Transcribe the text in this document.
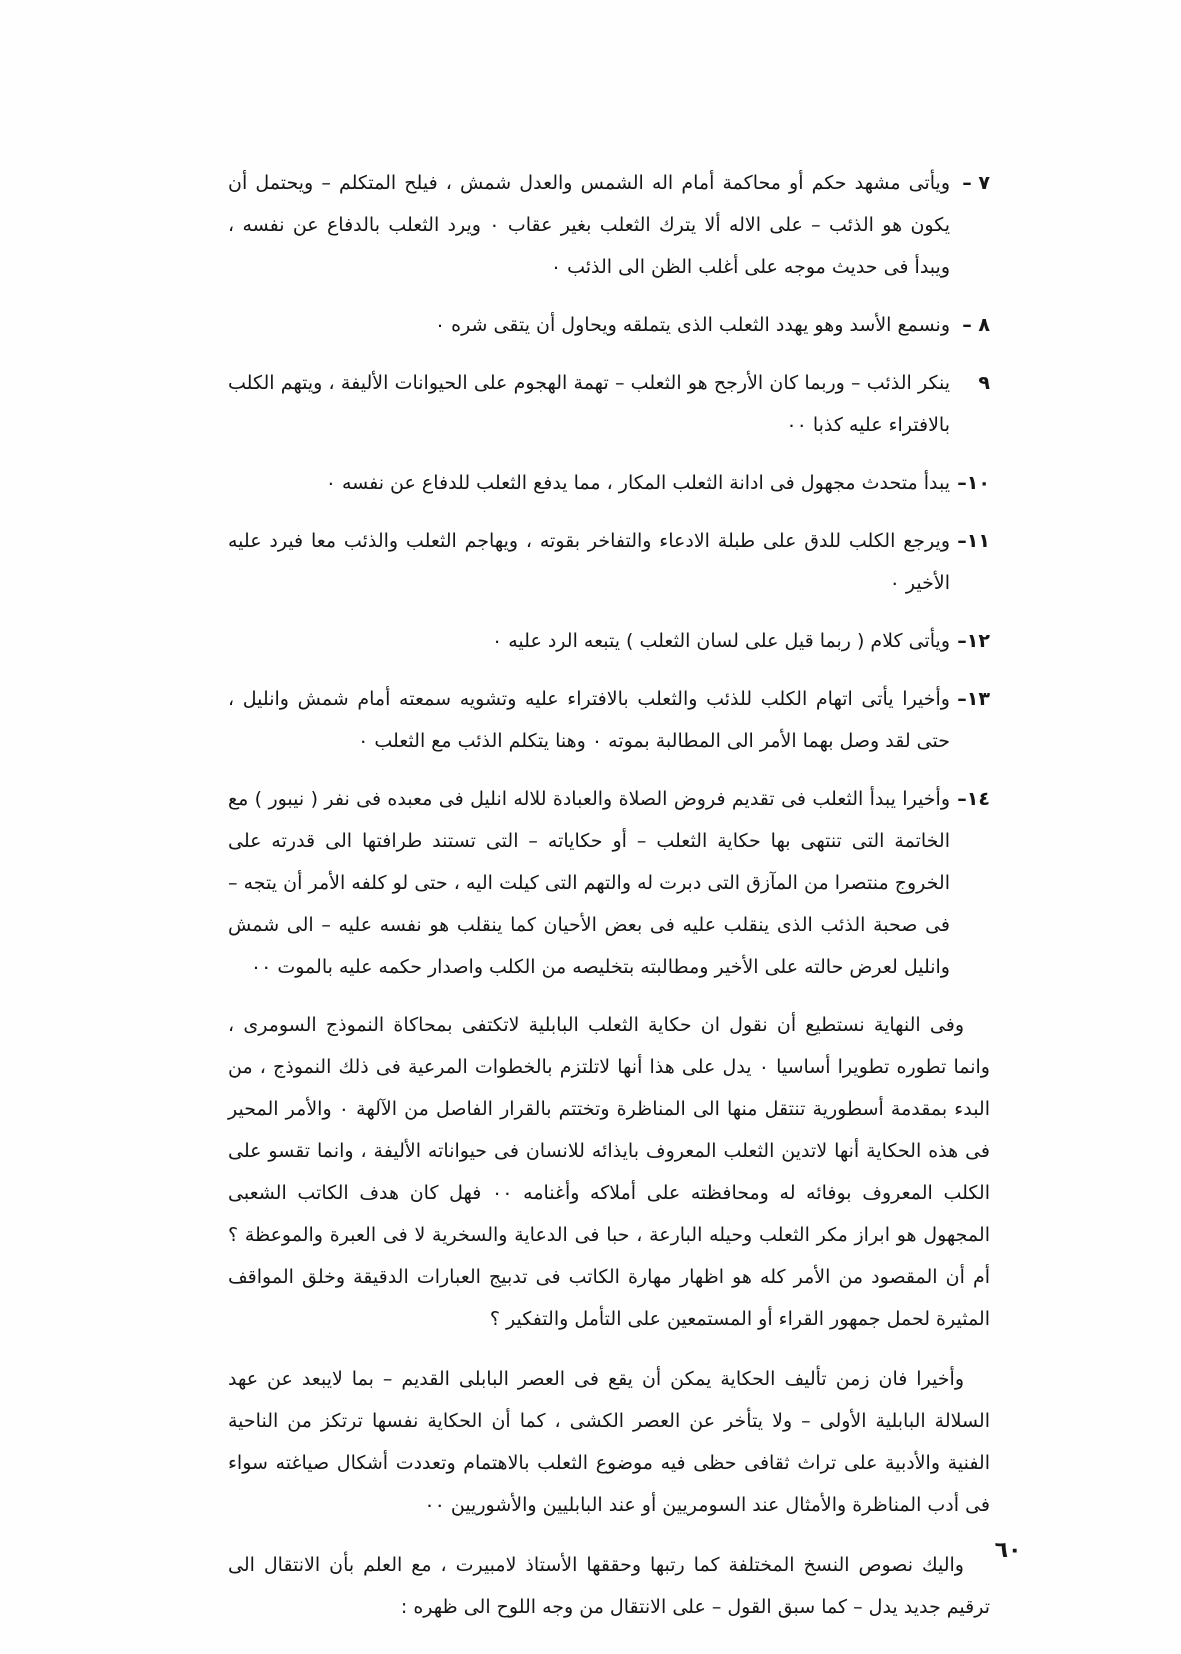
٧ –
ويأتى مشهد حكم أو محاكمة أمام اله الشمس والعدل شمش ، فيلح المتكلم – ويحتمل أن يكون هو الذئب – على الاله ألا يترك الثعلب بغير عقاب ٠ ويرد الثعلب بالدفاع عن نفسه ، ويبدأ فى حديث موجه على أغلب الظن الى الذئب ٠
٨ –
ونسمع الأسد وهو يهدد الثعلب الذى يتملقه ويحاول أن يتقى شره ٠
٩
ينكر الذئب – وربما كان الأرجح هو الثعلب – تهمة الهجوم على الحيوانات الأليفة ، ويتهم الكلب بالافتراء عليه كذبا ٠٠
١٠–
يبدأ متحدث مجهول فى ادانة الثعلب المكار ، مما يدفع الثعلب للدفاع عن نفسه ٠
١١–
ويرجع الكلب للدق على طبلة الادعاء والتفاخر بقوته ، ويهاجم الثعلب والذئب معا فيرد عليه الأخير ٠
١٢–
ويأتى كلام ( ربما قيل على لسان الثعلب ) يتبعه الرد عليه ٠
١٣–
وأخيرا يأتى اتهام الكلب للذئب والثعلب بالافتراء عليه وتشويه سمعته أمام شمش وانليل ، حتى لقد وصل بهما الأمر الى المطالبة بموته ٠ وهنا يتكلم الذئب مع الثعلب ٠
١٤–
وأخيرا يبدأ الثعلب فى تقديم فروض الصلاة والعبادة للاله انليل فى معبده فى نفر ( نيبور ) مع الخاتمة التى تنتهى بها حكاية الثعلب – أو حكاياته – التى تستند طرافتها الى قدرته على الخروج منتصرا من المآزق التى دبرت له والتهم التى كيلت اليه ، حتى لو كلفه الأمر أن يتجه – فى صحبة الذئب الذى ينقلب عليه فى بعض الأحيان كما ينقلب هو نفسه عليه – الى شمش وانليل لعرض حالته على الأخير ومطالبته بتخليصه من الكلب واصدار حكمه عليه بالموت ٠٠

وفى النهاية نستطيع أن نقول ان حكاية الثعلب البابلية لاتكتفى بمحاكاة النموذج السومرى ، وانما تطوره تطويرا أساسيا ٠ يدل على هذا أنها لاتلتزم بالخطوات المرعية فى ذلك النموذج ، من البدء بمقدمة أسطورية تنتقل منها الى المناظرة وتختتم بالقرار الفاصل من الآلهة ٠ والأمر المحير فى هذه الحكاية أنها لاتدين الثعلب المعروف بايذائه للانسان فى حيواناته الأليفة ، وانما تقسو على الكلب المعروف بوفائه له ومحافظته على أملاكه وأغنامه ٠٠ فهل كان هدف الكاتب الشعبى المجهول هو ابراز مكر الثعلب وحيله البارعة ، حبا فى الدعاية والسخرية لا فى العبرة والموعظة ؟ أم أن المقصود من الأمر كله هو اظهار مهارة الكاتب فى تدبيج العبارات الدقيقة وخلق المواقف المثيرة لحمل جمهور القراء أو المستمعين على التأمل والتفكير ؟

وأخيرا فان زمن تأليف الحكاية يمكن أن يقع فى العصر البابلى القديم – بما لايبعد عن عهد السلالة البابلية الأولى – ولا يتأخر عن العصر الكشى ، كما أن الحكاية نفسها ترتكز من الناحية الفنية والأدبية على تراث ثقافى حظى فيه موضوع الثعلب بالاهتمام وتعددت أشكال صياغته سواء فى أدب المناظرة والأمثال عند السومريين أو عند البابليين والأشوريين ٠٠

واليك نصوص النسخ المختلفة كما رتبها وحققها الأستاذ لامبيرت ، مع العلم بأن الانتقال الى ترقيم جديد يدل – كما سبق القول – على الانتقال من وجه اللوح الى ظهره :

٦٠
